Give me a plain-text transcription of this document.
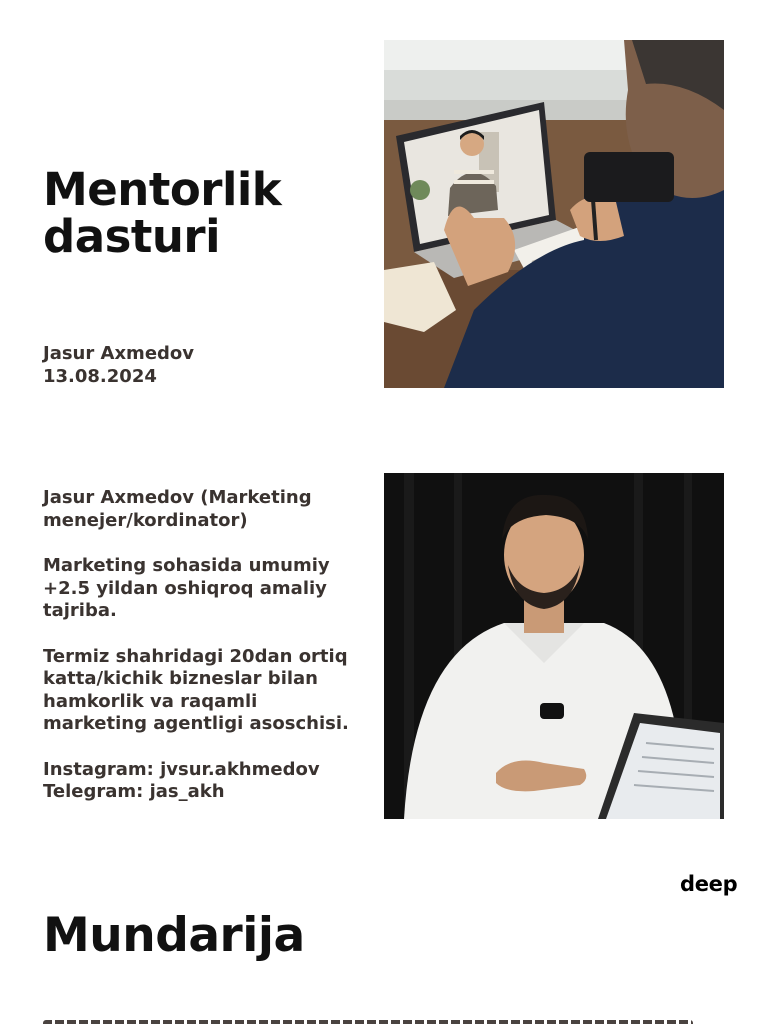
Mentorlik
dasturi
Jasur Axmedov
13.08.2024

Jasur Axmedov (Marketing
menejer/kordinator)

Marketing sohasida umumiy
+2.5 yildan oshiqroq amaliy
tajriba.

Termiz shahridagi 20dan ortiq
katta/kichik bizneslar bilan
hamkorlik va raqamli
marketing agentligi asoschisi.

Instagram: jvsur.akhmedov
Telegram: jas_akh

deep
Mundarija
